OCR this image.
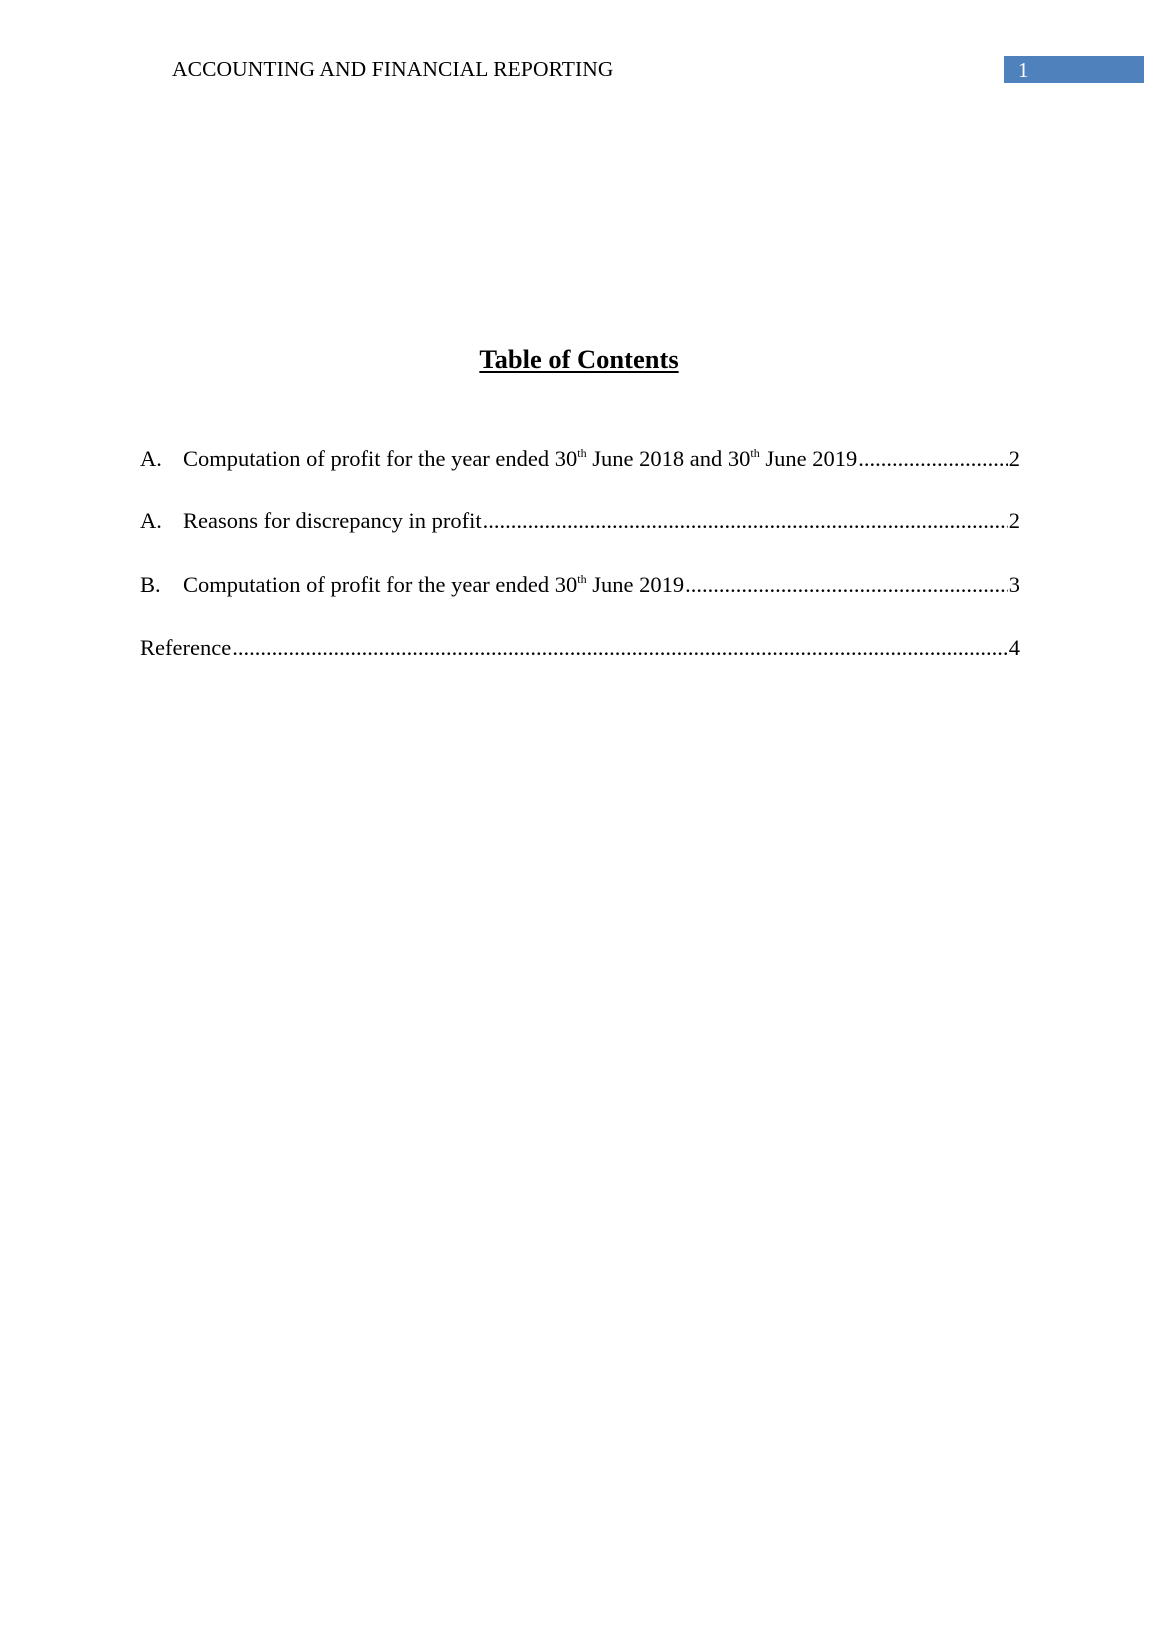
ACCOUNTING AND FINANCIAL REPORTING	1
Table of Contents
A. Computation of profit for the year ended 30th June 2018 and 30th June 2019 .....	2
A. Reasons for discrepancy in profit .....	2
B. Computation of profit for the year ended 30th June 2019 .....	3
Reference .....	4
